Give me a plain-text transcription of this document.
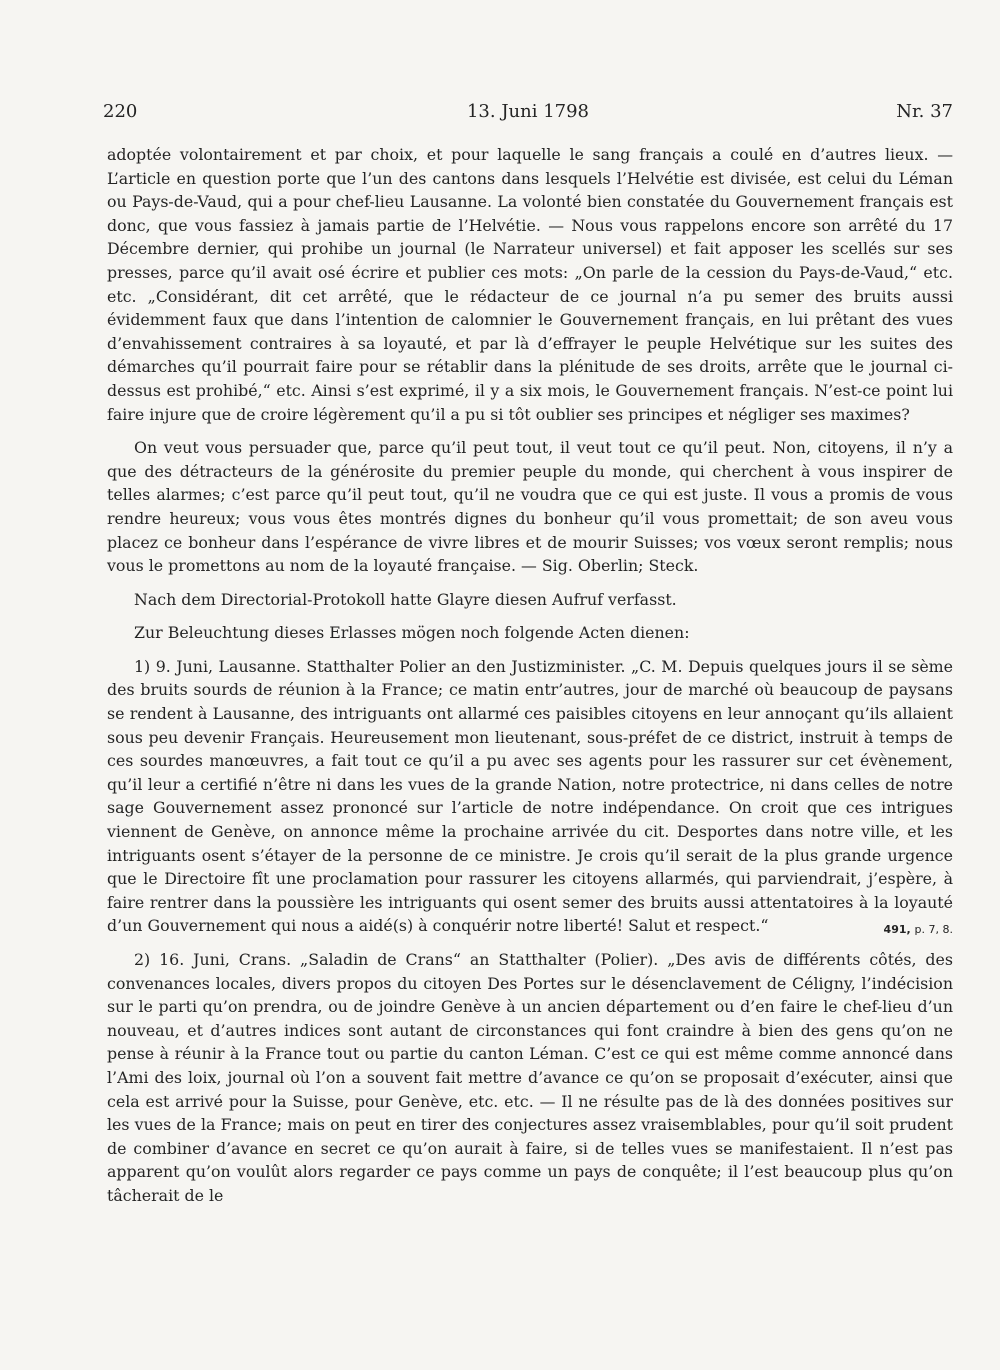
220	13. Juni 1798	Nr. 37

adoptée volontairement et par choix, et pour laquelle le sang français a coulé en d’autres lieux. — L’article en question porte que l’un des cantons dans lesquels l’Helvétie est divisée, est celui du Léman ou Pays-de-Vaud, qui a pour chef-lieu Lausanne. La volonté bien constatée du Gouvernement français est donc, que vous fassiez à jamais partie de l’Helvétie. — Nous vous rappelons encore son arrêté du 17 Décembre dernier, qui prohibe un journal (le Narrateur universel) et fait apposer les scellés sur ses presses, parce qu’il avait osé écrire et publier ces mots: „On parle de la cession du Pays-de-Vaud,“ etc. etc. „Considérant, dit cet arrêté, que le rédacteur de ce journal n’a pu semer des bruits aussi évidemment faux que dans l’intention de calomnier le Gouvernement français, en lui prêtant des vues d’envahissement contraires à sa loyauté, et par là d’effrayer le peuple Helvétique sur les suites des démarches qu’il pourrait faire pour se rétablir dans la plénitude de ses droits, arrête que le journal ci-dessus est prohibé,“ etc. Ainsi s’est exprimé, il y a six mois, le Gouvernement français. N’est-ce point lui faire injure que de croire légèrement qu’il a pu si tôt oublier ses principes et négliger ses maximes?

On veut vous persuader que, parce qu’il peut tout, il veut tout ce qu’il peut. Non, citoyens, il n’y a que des détracteurs de la générosite du premier peuple du monde, qui cherchent à vous inspirer de telles alarmes; c’est parce qu’il peut tout, qu’il ne voudra que ce qui est juste. Il vous a promis de vous rendre heureux; vous vous êtes montrés dignes du bonheur qu’il vous promettait; de son aveu vous placez ce bonheur dans l’espérance de vivre libres et de mourir Suisses; vos vœux seront remplis; nous vous le promettons au nom de la loyauté française. — Sig. Oberlin; Steck.

Nach dem Directorial-Protokoll hatte Glayre diesen Aufruf verfasst.

Zur Beleuchtung dieses Erlasses mögen noch folgende Acten dienen:

1) 9. Juni, Lausanne. Statthalter Polier an den Justizminister. „C. M. Depuis quelques jours il se sème des bruits sourds de réunion à la France; ce matin entr’autres, jour de marché où beaucoup de paysans se rendent à Lausanne, des intriguants ont allarmé ces paisibles citoyens en leur annoçant qu’ils allaient sous peu devenir Français. Heureusement mon lieutenant, sous-préfet de ce district, instruit à temps de ces sourdes manœuvres, a fait tout ce qu’il a pu avec ses agents pour les rassurer sur cet évènement, qu’il leur a certifié n’être ni dans les vues de la grande Nation, notre protectrice, ni dans celles de notre sage Gouvernement assez prononcé sur l’article de notre indépendance. On croit que ces intrigues viennent de Genève, on annonce même la prochaine arrivée du cit. Desportes dans notre ville, et les intriguants osent s’étayer de la personne de ce ministre. Je crois qu’il serait de la plus grande urgence que le Directoire fît une proclamation pour rassurer les citoyens allarmés, qui parviendrait, j’espère, à faire rentrer dans la poussière les intriguants qui osent semer des bruits aussi attentatoires à la loyauté d’un Gouvernement qui nous a aidé(s) à conquérir notre liberté! Salut et respect.“	491, p. 7, 8.

2) 16. Juni, Crans. „Saladin de Crans“ an Statthalter (Polier). „Des avis de différents côtés, des convenances locales, divers propos du citoyen Des Portes sur le désenclavement de Céligny, l’indécision sur le parti qu’on prendra, ou de joindre Genève à un ancien département ou d’en faire le chef-lieu d’un nouveau, et d’autres indices sont autant de circonstances qui font craindre à bien des gens qu’on ne pense à réunir à la France tout ou partie du canton Léman. C’est ce qui est même comme annoncé dans l’Ami des loix, journal où l’on a souvent fait mettre d’avance ce qu’on se proposait d’exécuter, ainsi que cela est arrivé pour la Suisse, pour Genève, etc. etc. — Il ne résulte pas de là des données positives sur les vues de la France; mais on peut en tirer des conjectures assez vraisemblables, pour qu’il soit prudent de combiner d’avance en secret ce qu’on aurait à faire, si de telles vues se manifestaient. Il n’est pas apparent qu’on voulût alors regarder ce pays comme un pays de conquête; il l’est beaucoup plus qu’on tâcherait de le
